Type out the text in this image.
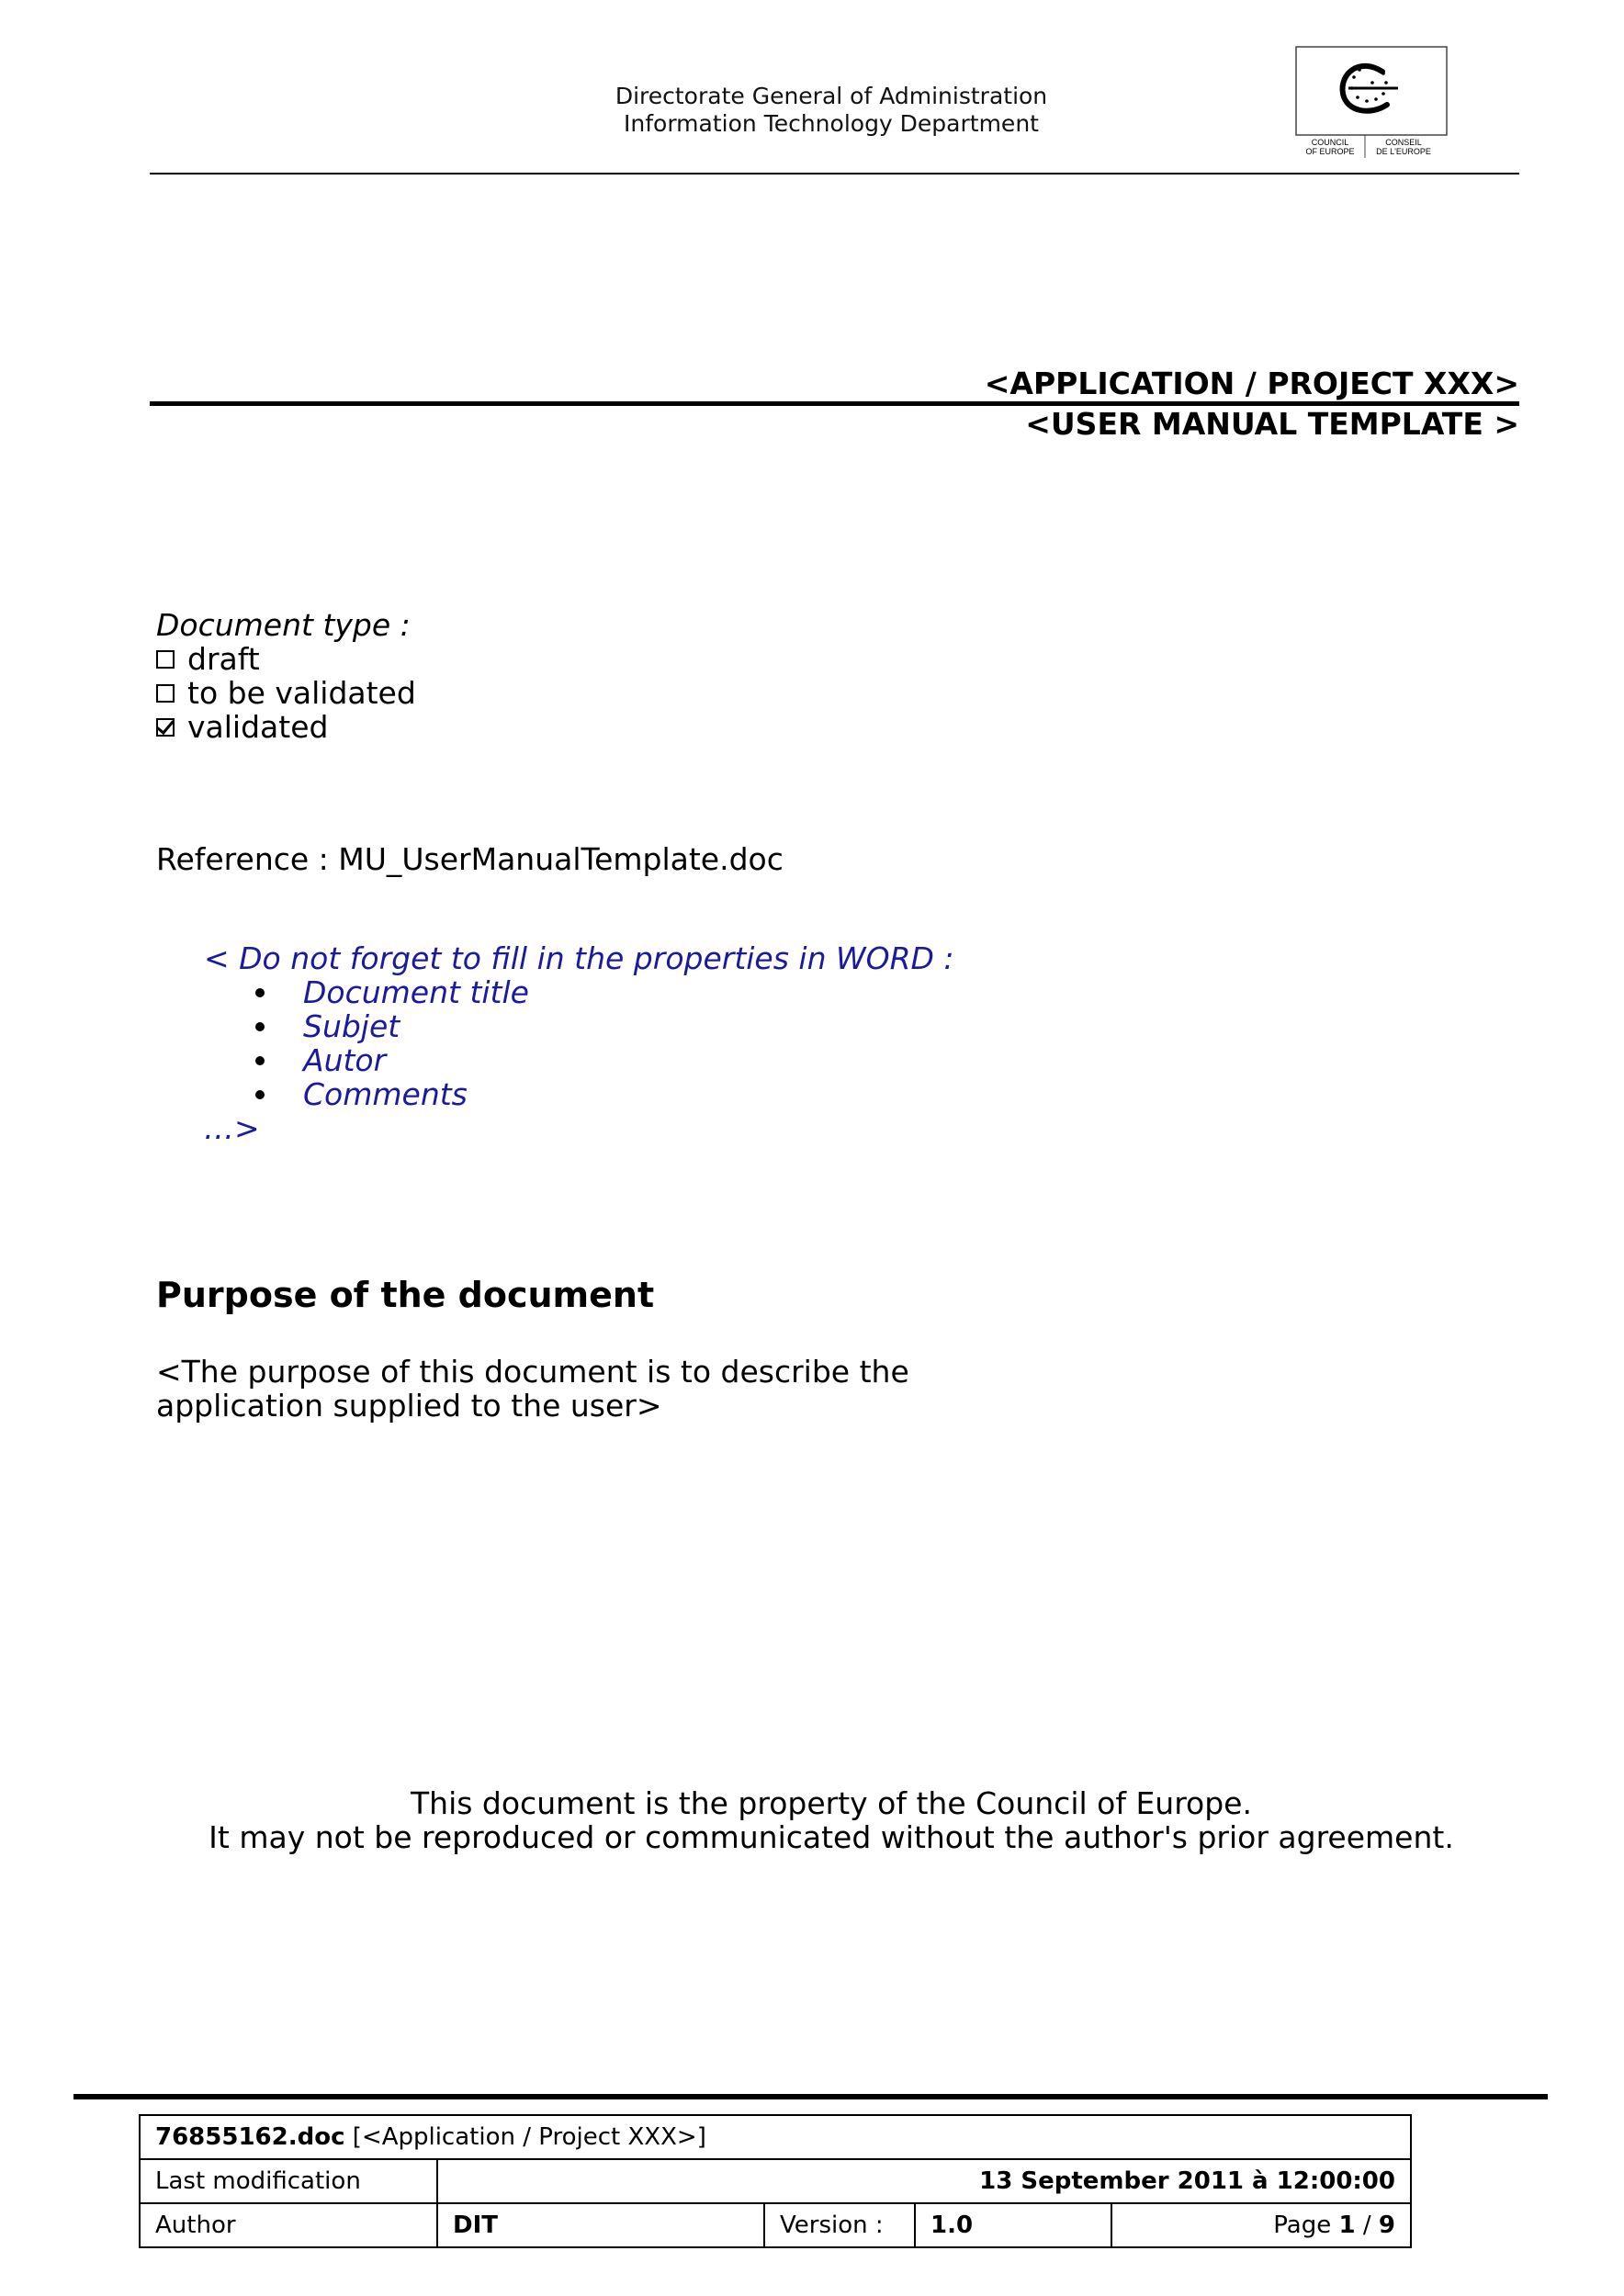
Directorate General of Administration
Information Technology Department
COUNCIL
OF EUROPE
CONSEIL
DE L'EUROPE
<APPLICATION / PROJECT XXX>
<USER MANUAL TEMPLATE >
Document type :
draft
to be validated
validated
Reference : MU_UserManualTemplate.doc
< Do not forget to fill in the properties in WORD :
Document title
Subjet
Autor
Comments
…>
Purpose of the document
<The purpose of this document is to describe the
application supplied to the user>
This document is the property of the Council of Europe.
It may not be reproduced or communicated without the author's prior agreement.
76855162.doc [<Application / Project XXX>]				
Last modification	13 September 2011 à 12:00:00			
Author	DIT	Version :	1.0	Page 1 / 9
